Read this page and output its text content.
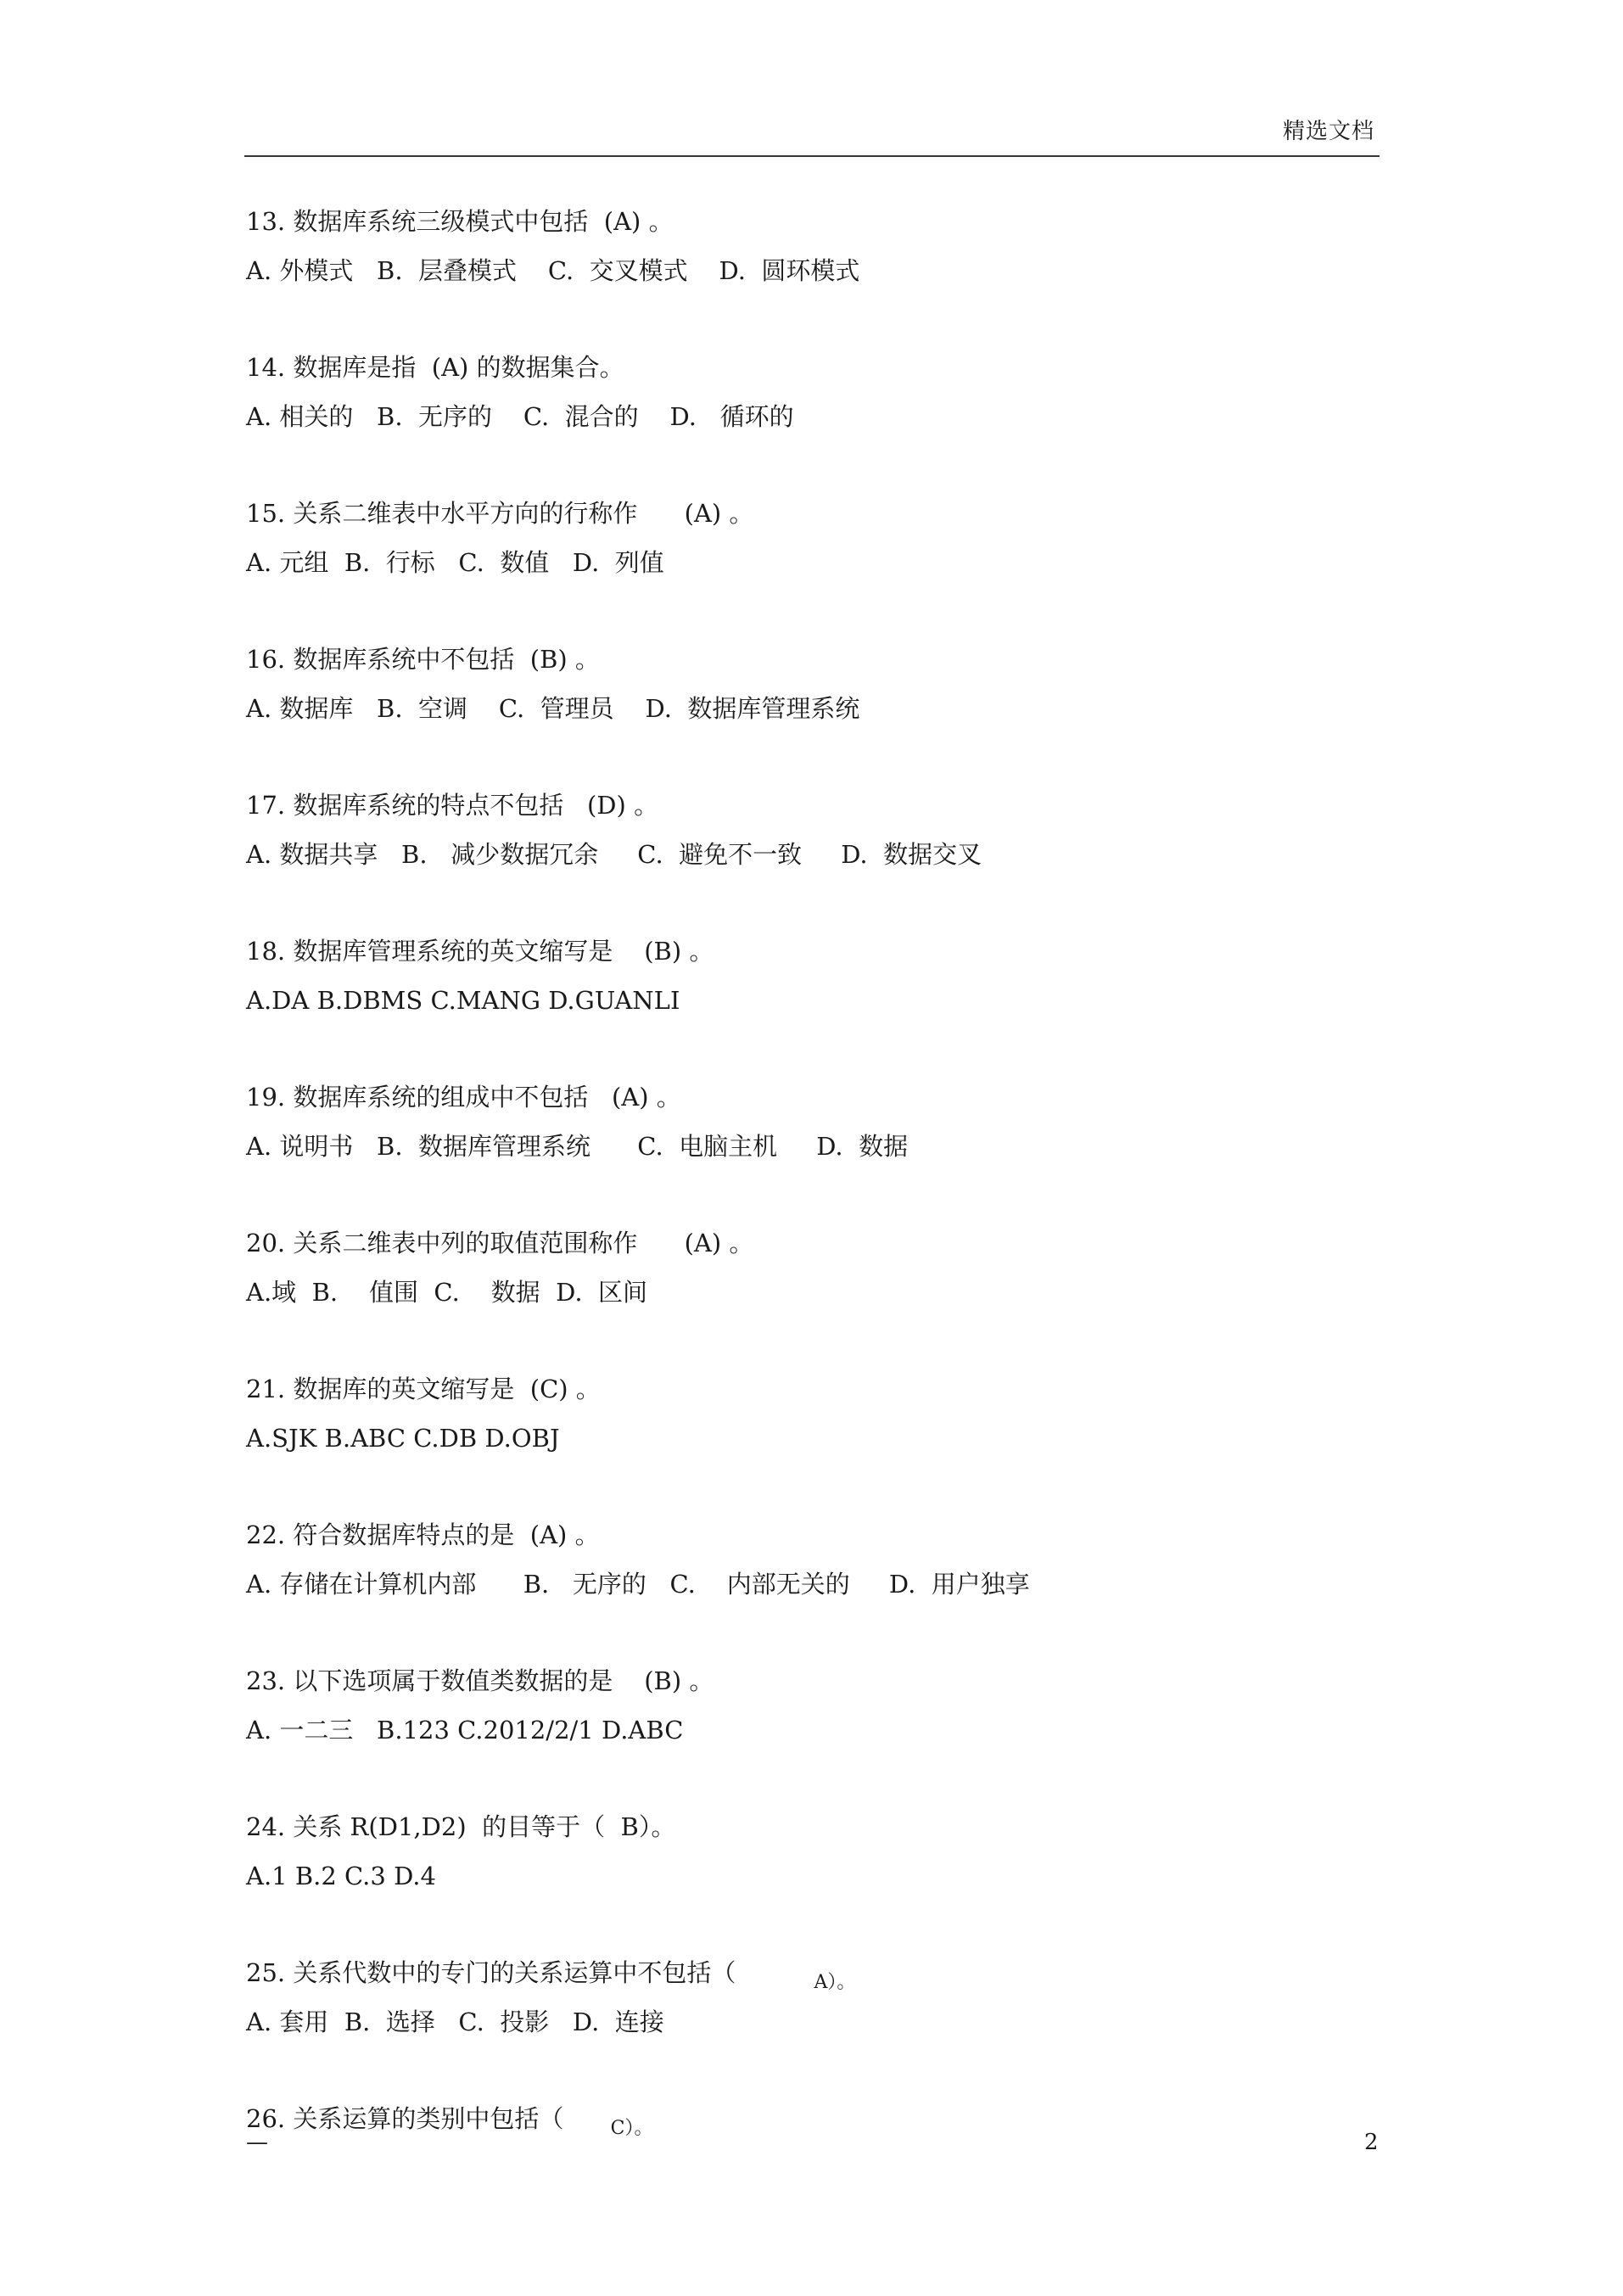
精选文档
13. 数据库系统三级模式中包括  (A) 。
A. 外模式   B.  层叠模式    C.  交叉模式    D.  圆环模式
14. 数据库是指  (A) 的数据集合。
A. 相关的   B.  无序的    C.  混合的    D.   循环的
15. 关系二维表中水平方向的行称作      (A) 。
A. 元组  B.  行标   C.  数值   D.  列值
16. 数据库系统中不包括  (B) 。
A. 数据库   B.  空调    C.  管理员    D.  数据库管理系统
17. 数据库系统的特点不包括   (D) 。
A. 数据共享   B.   减少数据冗余     C.  避免不一致     D.  数据交叉
18. 数据库管理系统的英文缩写是    (B) 。
A.DA B.DBMS C.MANG D.GUANLI
19. 数据库系统的组成中不包括   (A) 。
A. 说明书   B.  数据库管理系统      C.  电脑主机     D.  数据
20. 关系二维表中列的取值范围称作      (A) 。
A.域  B.    值围  C.    数据  D.  区间
21. 数据库的英文缩写是  (C) 。
A.SJK B.ABC C.DB D.OBJ
22. 符合数据库特点的是  (A) 。
A. 存储在计算机内部      B.   无序的   C.    内部无关的     D.  用户独享
23. 以下选项属于数值类数据的是    (B) 。
A. 一二三   B.123 C.2012/2/1 D.ABC
24. 关系 R(D1,D2)  的目等于（  B）。
A.1 B.2 C.3 D.4
25. 关系代数中的专门的关系运算中不包括（          $_{A)。}$
A. 套用  B.  选择   C.  投影   D.  连接
26. 关系运算的类别中包括（      $_{C)。}$
—	2
